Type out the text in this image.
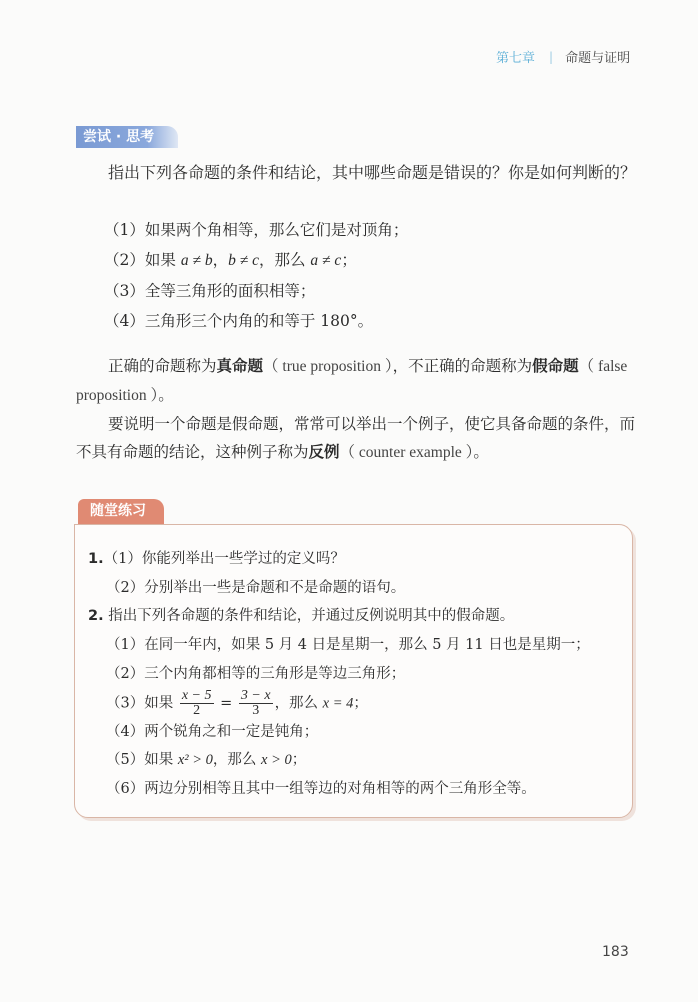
第七章 | 命题与证明
尝试 · 思考
指出下列各命题的条件和结论，其中哪些命题是错误的？你是如何判断的？
（1）如果两个角相等，那么它们是对顶角；
（2）如果 a ≠ b，b ≠ c，那么 a ≠ c；
（3）全等三角形的面积相等；
（4）三角形三个内角的和等于 180°。
正确的命题称为真命题（ true proposition ），不正确的命题称为假命题（ false proposition ）。
要说明一个命题是假命题，常常可以举出一个例子，使它具备命题的条件，而不具有命题的结论，这种例子称为反例（ counter example ）。
随堂练习
1.（1）你能列举出一些学过的定义吗？
（2）分别举出一些是命题和不是命题的语句。
2. 指出下列各命题的条件和结论，并通过反例说明其中的假命题。
（1）在同一年内，如果 5 月 4 日是星期一，那么 5 月 11 日也是星期一；
（2）三个内角都相等的三角形是等边三角形；
（3）如果 $\frac{x - 5}{2} = \frac{3 - x}{3}$ ，那么 x = 4；
（4）两个锐角之和一定是钝角；
（5）如果 x² > 0，那么 x > 0；
（6）两边分别相等且其中一组等边的对角相等的两个三角形全等。
183
